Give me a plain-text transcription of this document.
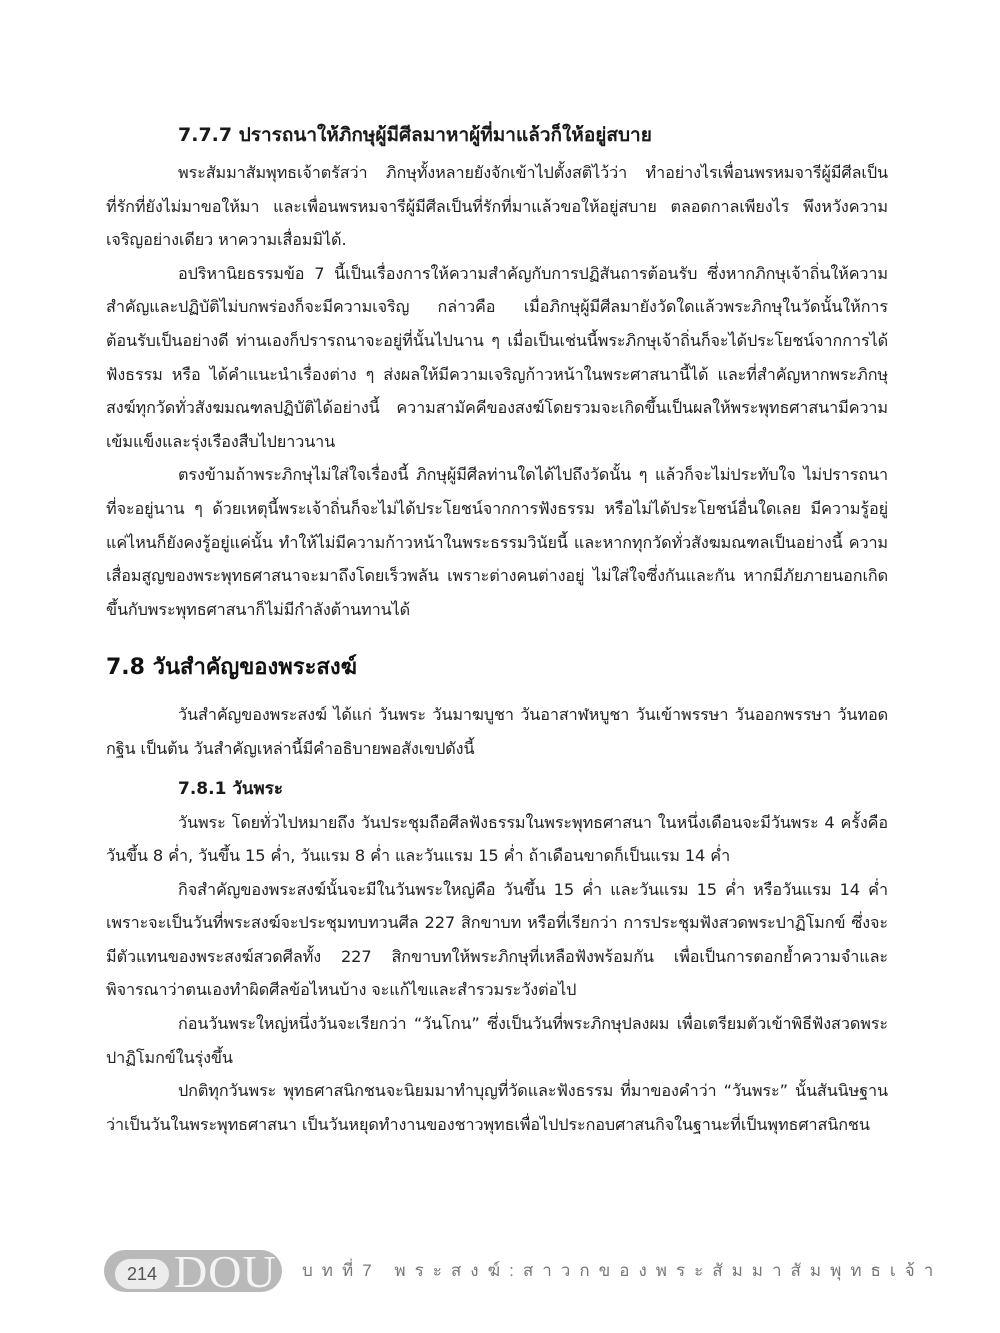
7.7.7 ปรารถนาให้ภิกษุผู้มีศีลมาหาผู้ที่มาแล้วก็ให้อยู่สบาย

พระสัมมาสัมพุทธเจ้าตรัสว่า ภิกษุทั้งหลายยังจักเข้าไปตั้งสติไว้ว่า ทำอย่างไรเพื่อนพรหมจารีผู้มีศีลเป็นที่รักที่ยังไม่มาขอให้มา และเพื่อนพรหมจารีผู้มีศีลเป็นที่รักที่มาแล้วขอให้อยู่สบาย ตลอดกาลเพียงไร พึงหวังความเจริญอย่างเดียว หาความเสื่อมมิได้.

อปริหานิยธรรมข้อ 7 นี้เป็นเรื่องการให้ความสำคัญกับการปฏิสันถารต้อนรับ ซึ่งหากภิกษุเจ้าถิ่นให้ความสำคัญและปฏิบัติไม่บกพร่องก็จะมีความเจริญ กล่าวคือ เมื่อภิกษุผู้มีศีลมายังวัดใดแล้วพระภิกษุในวัดนั้นให้การต้อนรับเป็นอย่างดี ท่านเองก็ปรารถนาจะอยู่ที่นั้นไปนาน ๆ เมื่อเป็นเช่นนี้พระภิกษุเจ้าถิ่นก็จะได้ประโยชน์จากการได้ฟังธรรม หรือ ได้คำแนะนำเรื่องต่าง ๆ ส่งผลให้มีความเจริญก้าวหน้าในพระศาสนานี้ได้ และที่สำคัญหากพระภิกษุสงฆ์ทุกวัดทั่วสังฆมณฑลปฏิบัติได้อย่างนี้ ความสามัคคีของสงฆ์โดยรวมจะเกิดขึ้นเป็นผลให้พระพุทธศาสนามีความเข้มแข็งและรุ่งเรืองสืบไปยาวนาน

ตรงข้ามถ้าพระภิกษุไม่ใส่ใจเรื่องนี้ ภิกษุผู้มีศีลท่านใดได้ไปถึงวัดนั้น ๆ แล้วก็จะไม่ประทับใจ ไม่ปรารถนาที่จะอยู่นาน ๆ ด้วยเหตุนี้พระเจ้าถิ่นก็จะไม่ได้ประโยชน์จากการฟังธรรม หรือไม่ได้ประโยชน์อื่นใดเลย มีความรู้อยู่แค่ไหนก็ยังคงรู้อยู่แค่นั้น ทำให้ไม่มีความก้าวหน้าในพระธรรมวินัยนี้ และหากทุกวัดทั่วสังฆมณฑลเป็นอย่างนี้ ความเสื่อมสูญของพระพุทธศาสนาจะมาถึงโดยเร็วพลัน เพราะต่างคนต่างอยู่ ไม่ใส่ใจซึ่งกันและกัน หากมีภัยภายนอกเกิดขึ้นกับพระพุทธศาสนาก็ไม่มีกำลังต้านทานได้

7.8 วันสำคัญของพระสงฆ์

วันสำคัญของพระสงฆ์ ได้แก่ วันพระ วันมาฆบูชา วันอาสาฬหบูชา วันเข้าพรรษา วันออกพรรษา วันทอดกฐิน เป็นต้น วันสำคัญเหล่านี้มีคำอธิบายพอสังเขปดังนี้

7.8.1 วันพระ

วันพระ โดยทั่วไปหมายถึง วันประชุมถือศีลฟังธรรมในพระพุทธศาสนา ในหนึ่งเดือนจะมีวันพระ 4 ครั้งคือ วันขึ้น 8 ค่ำ, วันขึ้น 15 ค่ำ, วันแรม 8 ค่ำ และวันแรม 15 ค่ำ ถ้าเดือนขาดก็เป็นแรม 14 ค่ำ

กิจสำคัญของพระสงฆ์นั้นจะมีในวันพระใหญ่คือ วันขึ้น 15 ค่ำ และวันแรม 15 ค่ำ หรือวันแรม 14 ค่ำ เพราะจะเป็นวันที่พระสงฆ์จะประชุมทบทวนศีล 227 สิกขาบท หรือที่เรียกว่า การประชุมฟังสวดพระปาฏิโมกข์ ซึ่งจะมีตัวแทนของพระสงฆ์สวดศีลทั้ง 227 สิกขาบทให้พระภิกษุที่เหลือฟังพร้อมกัน เพื่อเป็นการตอกย้ำความจำและพิจารณาว่าตนเองทำผิดศีลข้อไหนบ้าง จะแก้ไขและสำรวมระวังต่อไป

ก่อนวันพระใหญ่หนึ่งวันจะเรียกว่า “วันโกน” ซึ่งเป็นวันที่พระภิกษุปลงผม เพื่อเตรียมตัวเข้าพิธีฟังสวดพระปาฏิโมกข์ในรุ่งขึ้น

ปกติทุกวันพระ พุทธศาสนิกชนจะนิยมมาทำบุญที่วัดและฟังธรรม ที่มาของคำว่า “วันพระ” นั้นสันนิษฐานว่าเป็นวันในพระพุทธศาสนา เป็นวันหยุดทำงานของชาวพุทธเพื่อไปประกอบศาสนกิจในฐานะที่เป็นพุทธศาสนิกชน

214 DOU บทที่7 พระสงฆ์:สาวกของพระสัมมาสัมพุทธเจ้า
